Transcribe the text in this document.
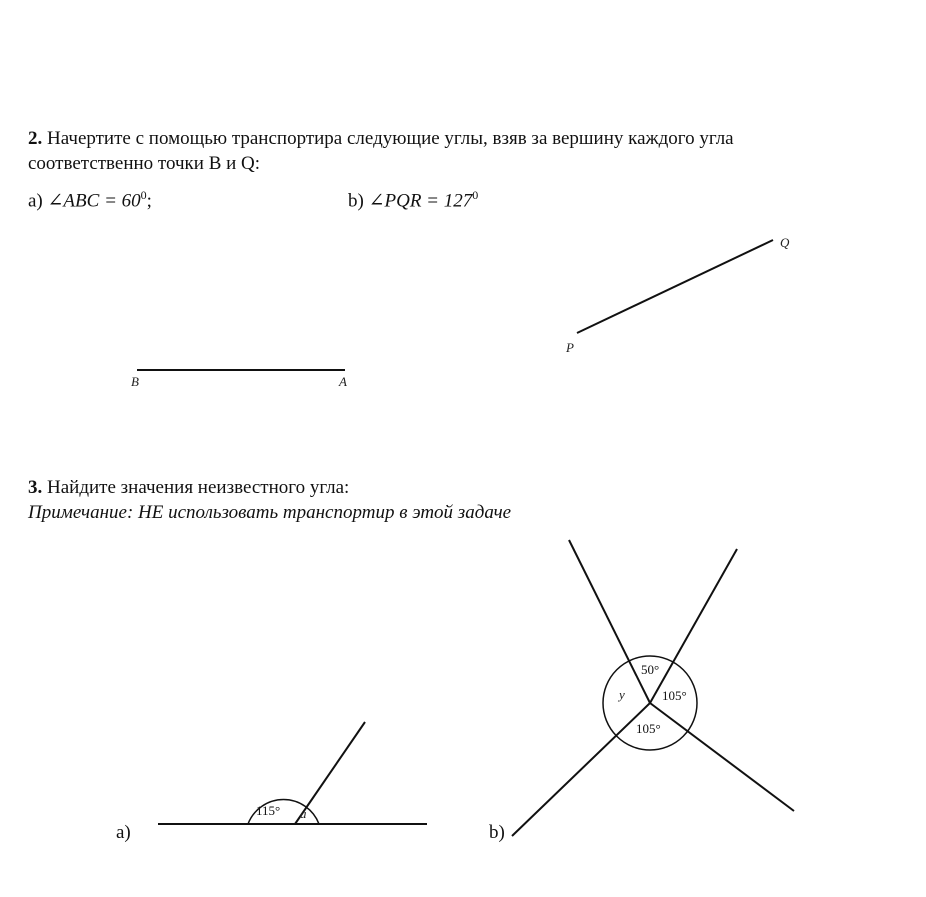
2. Начертите с помощью транспортира следующие углы, взяв за вершину каждого угла
соответственно точки B и Q:
а) ∠ABC = $60^0$;	b) ∠PQR = $127^0$
3. Найдите значения неизвестного угла:
Примечание: НЕ использовать транспортир в этой задаче
B	A
P
Q
115° a
а)
50°
105°
105°
y
b)
